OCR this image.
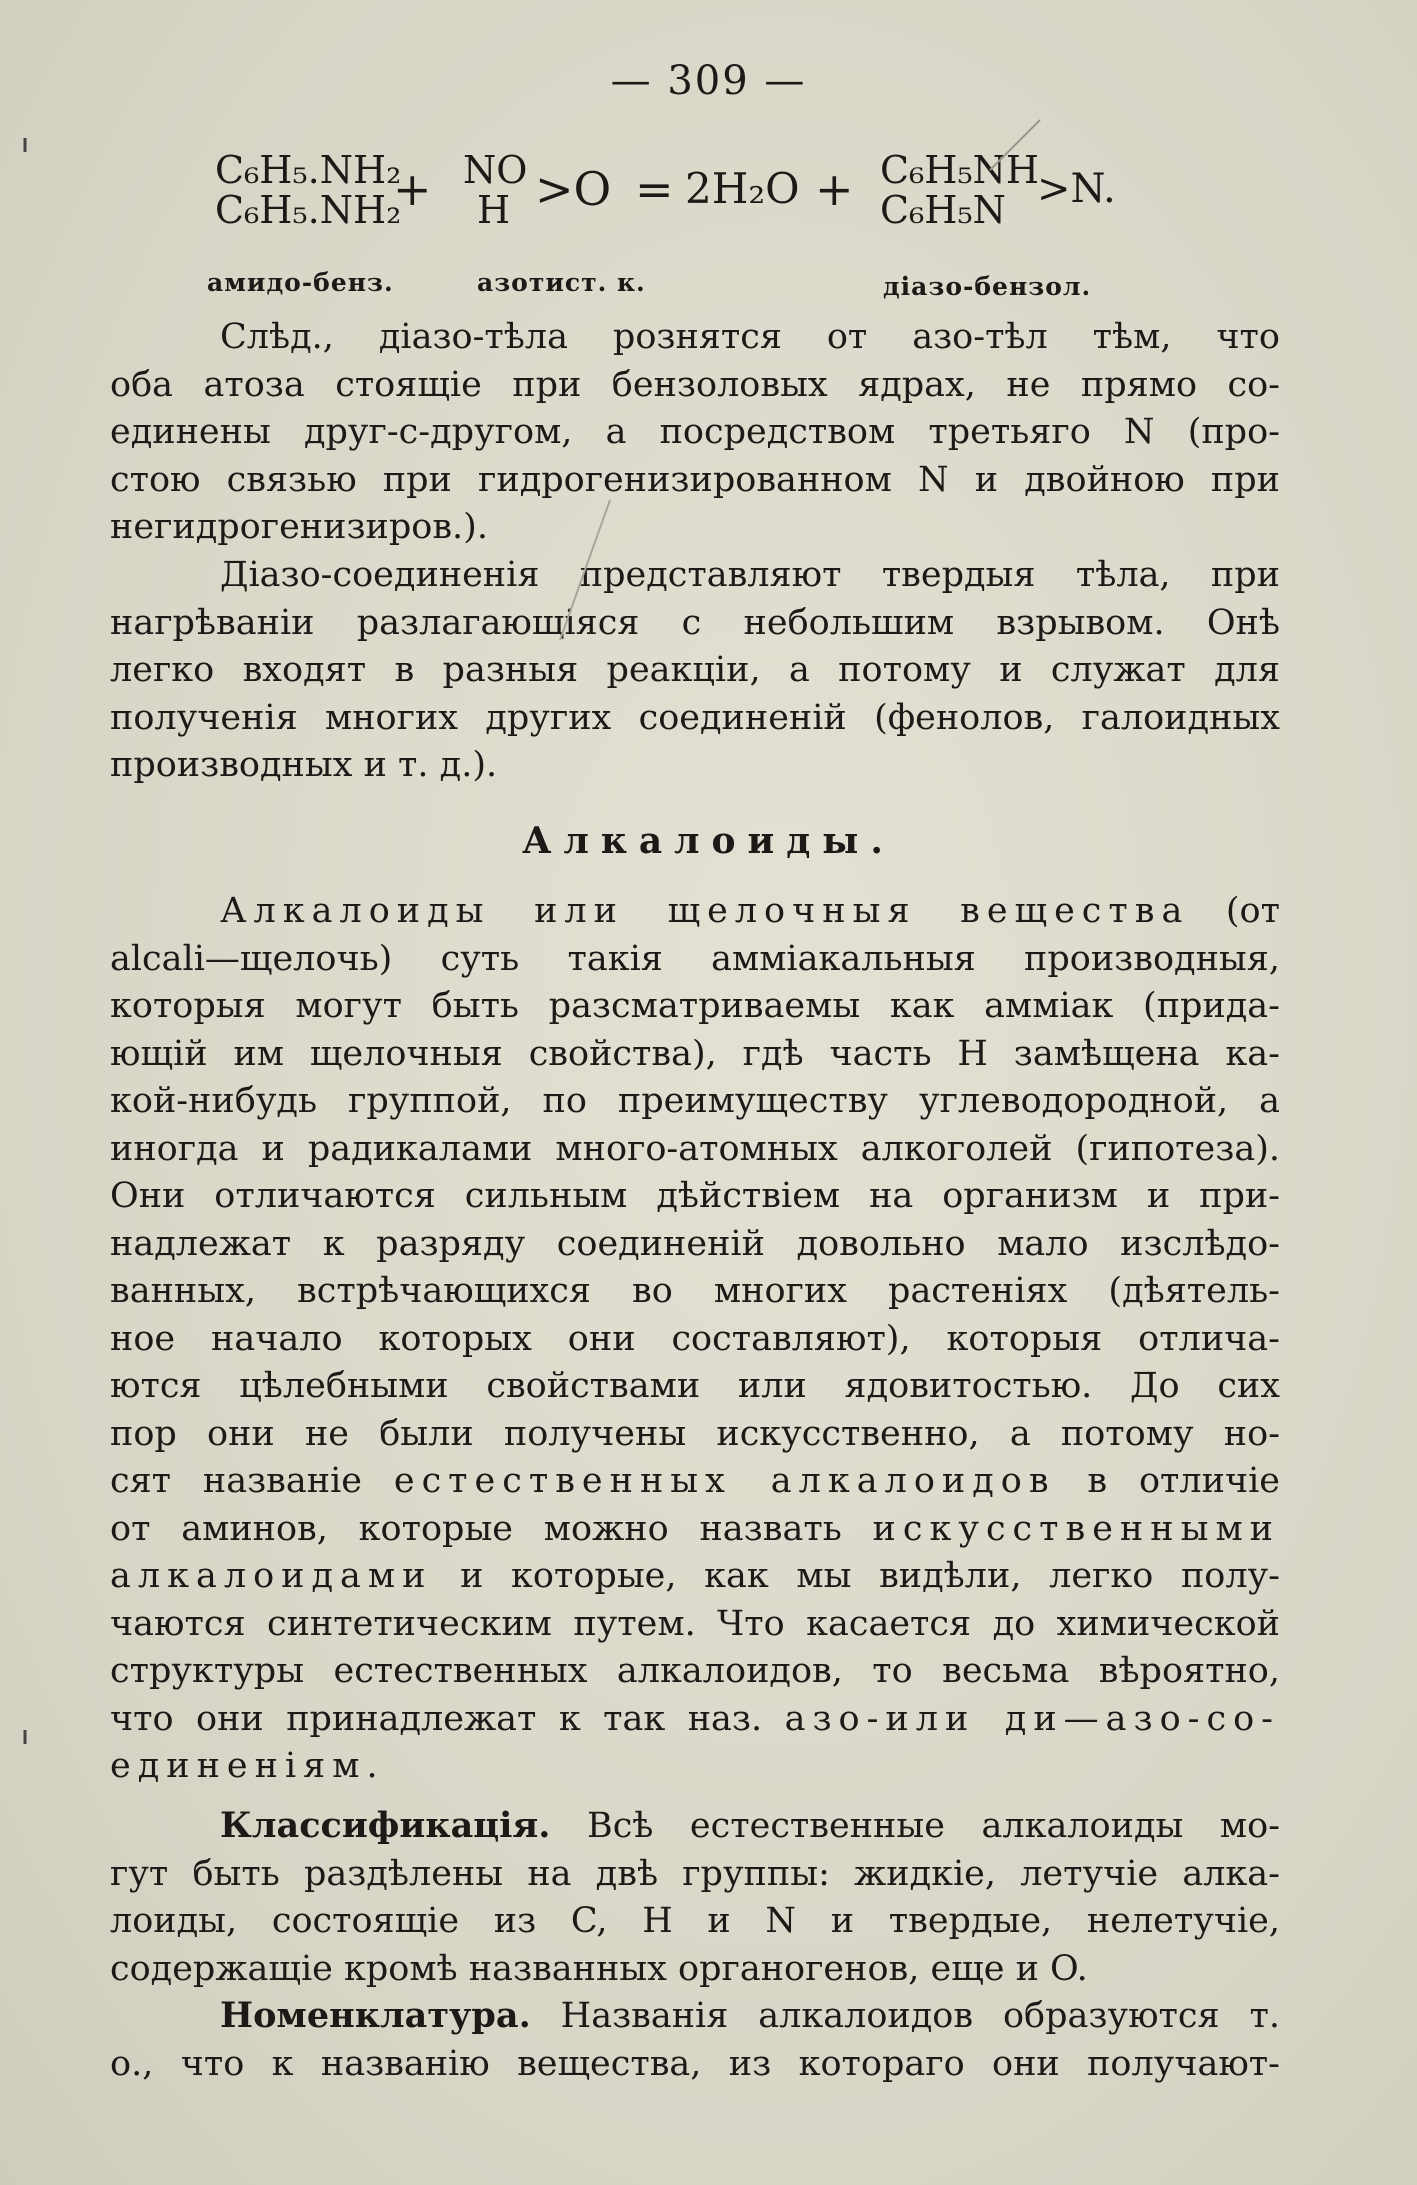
— 309 —
C₆H₅.NH₂
C₆H₅.NH₂
+ NO
H >O = 2H₂O + C₆H₅NH
C₆H₅N >N.
амидо-бенз.	азотист. к.	діазо-бензол.
Слѣд., діазо-тѣла рознятся от азо-тѣл тѣм, что
оба атоза стоящіе при бензоловых ядрах, не прямо со-
единены друг-с-другом, а посредством третьяго N (про-
стою связью при гидрогенизированном N и двойною при
негидрогенизиров.).
Діазо-соединенія представляют твердыя тѣла, при
нагрѣваніи разлагающіяся с небольшим взрывом. Онѣ
легко входят в разныя реакціи, а потому и служат для
полученія многих других соединеній (фенолов, галоидных
производных и т. д.).
Алкалоиды.
Алкалоиды или щелочныя вещества (от
alcali—щелочь) суть такія амміакальныя производныя,
которыя могут быть разсматриваемы как амміак (прида-
ющій им щелочныя свойства), гдѣ часть H замѣщена ка-
кой-нибудь группой, по преимуществу углеводородной, а
иногда и радикалами много-атомных алкоголей (гипотеза).
Они отличаются сильным дѣйствіем на организм и при-
надлежат к разряду соединеній довольно мало изслѣдо-
ванных, встрѣчающихся во многих растеніях (дѣятель-
ное начало которых они составляют), которыя отлича-
ются цѣлебными свойствами или ядовитостью. До сих
пор они не были получены искусственно, а потому но-
сят названіе естественных алкалоидов в отличіе
от аминов, которые можно назвать искусственными
алкалоидами и которые, как мы видѣли, легко полу-
чаются синтетическим путем. Что касается до химической
структуры естественных алкалоидов, то весьма вѣроятно,
что они принадлежат к так наз. азо-или ди—азо-со-
единеніям.
Классификація. Всѣ естественные алкалоиды мо-
гут быть раздѣлены на двѣ группы: жидкіе, летучіе алка-
лоиды, состоящіе из C, H и N и твердые, нелетучіе,
содержащіе кромѣ названных органогенов, еще и O.
Номенклатура. Названія алкалоидов образуются т.
о., что к названію вещества, из котораго они получают-
